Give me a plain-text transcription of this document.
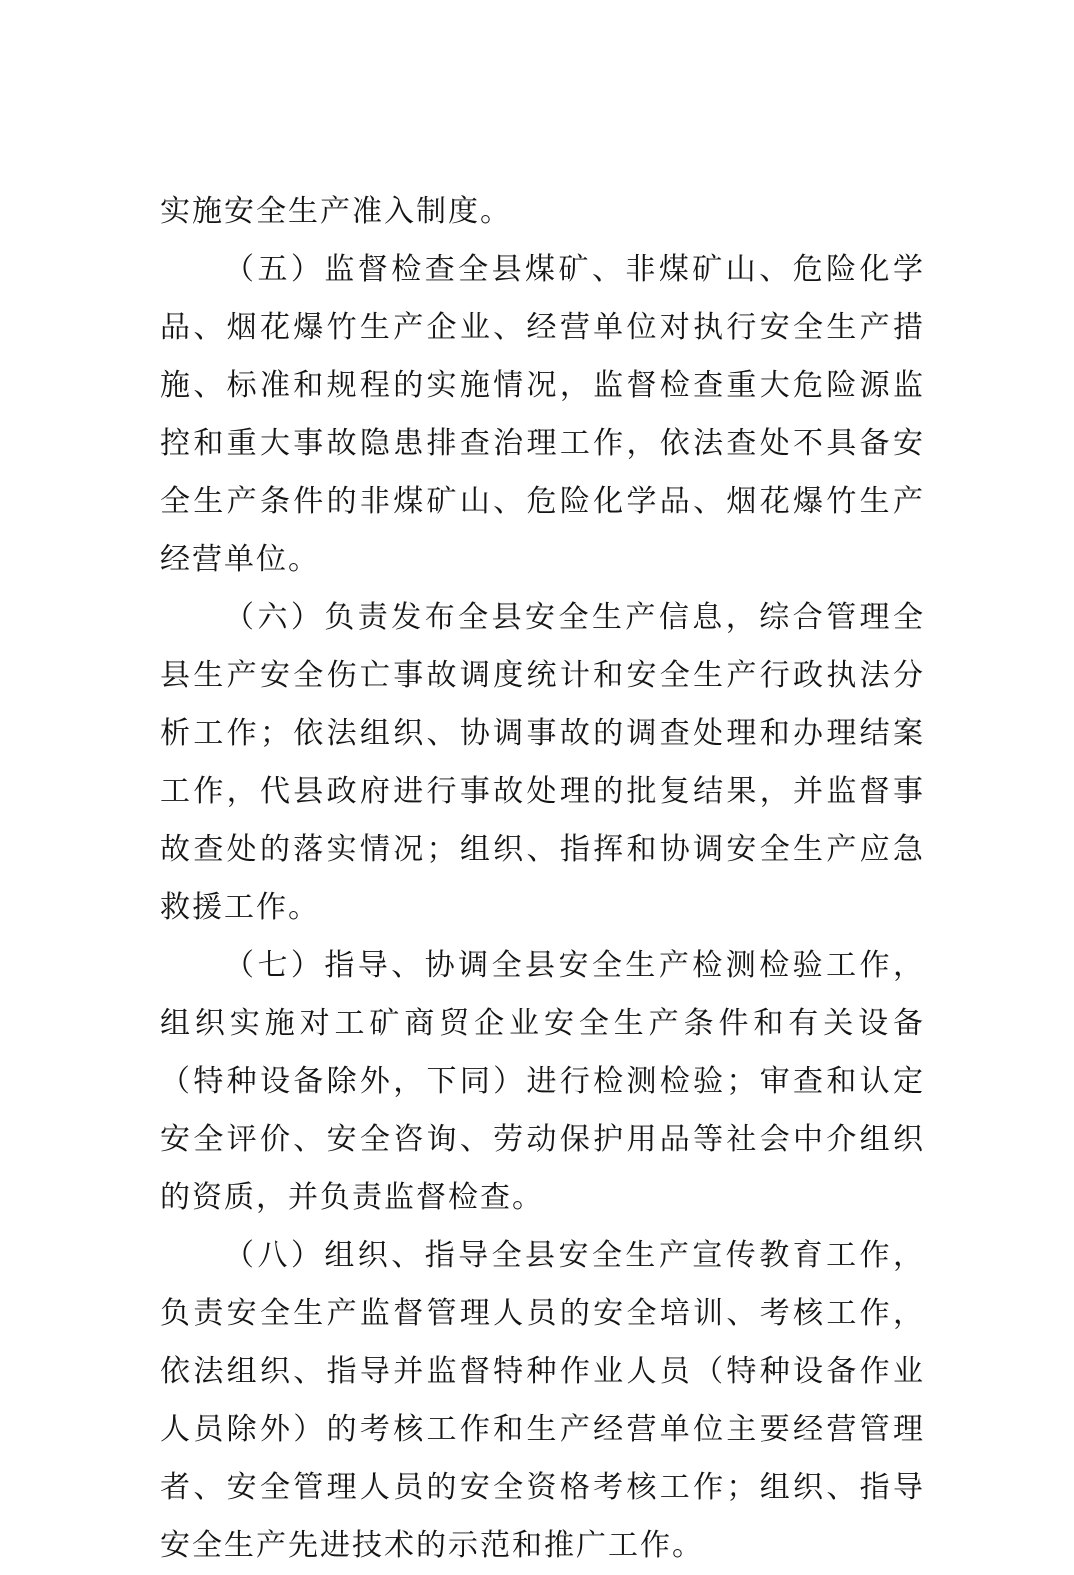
实施安全生产准入制度。

（五）监督检查全县煤矿、非煤矿山、危险化学品、烟花爆竹生产企业、经营单位对执行安全生产措施、标准和规程的实施情况，监督检查重大危险源监控和重大事故隐患排查治理工作，依法查处不具备安全生产条件的非煤矿山、危险化学品、烟花爆竹生产经营单位。

（六）负责发布全县安全生产信息，综合管理全县生产安全伤亡事故调度统计和安全生产行政执法分析工作；依法组织、协调事故的调查处理和办理结案工作，代县政府进行事故处理的批复结果，并监督事故查处的落实情况；组织、指挥和协调安全生产应急救援工作。

（七）指导、协调全县安全生产检测检验工作，组织实施对工矿商贸企业安全生产条件和有关设备（特种设备除外，下同）进行检测检验；审查和认定安全评价、安全咨询、劳动保护用品等社会中介组织的资质，并负责监督检查。

（八）组织、指导全县安全生产宣传教育工作，负责安全生产监督管理人员的安全培训、考核工作，依法组织、指导并监督特种作业人员（特种设备作业人员除外）的考核工作和生产经营单位主要经营管理者、安全管理人员的安全资格考核工作；组织、指导安全生产先进技术的示范和推广工作。
